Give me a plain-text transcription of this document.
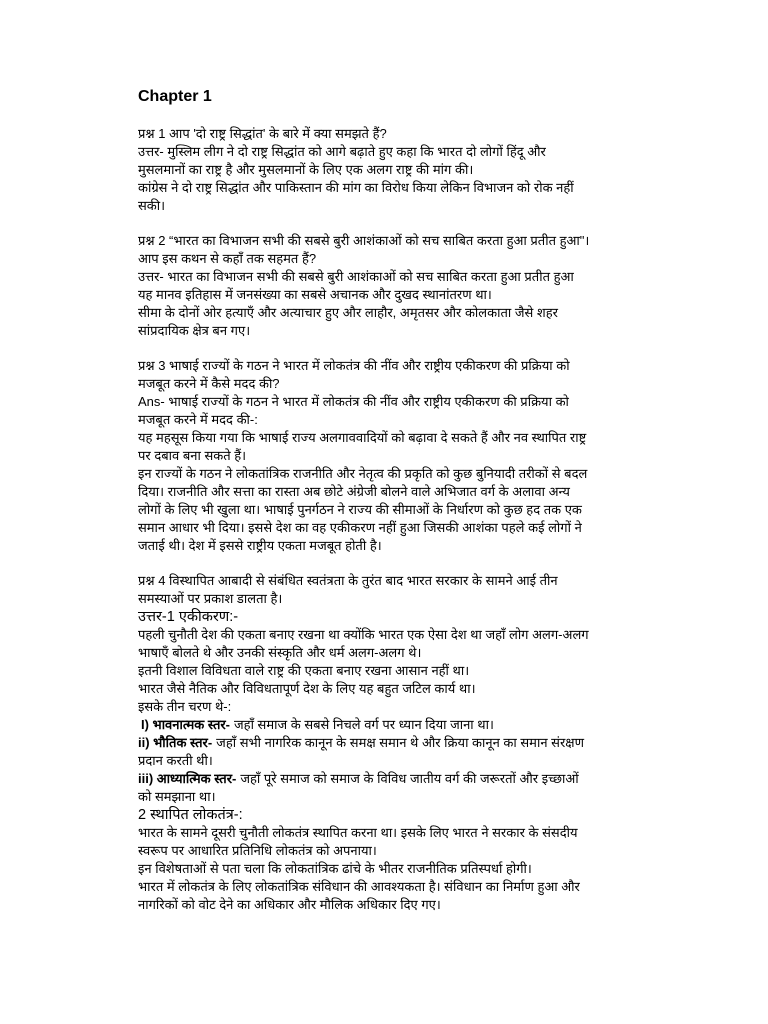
Chapter 1
प्रश्न 1 आप 'दो राष्ट्र सिद्धांत' के बारे में क्या समझते हैं?
उत्तर- मुस्लिम लीग ने दो राष्ट्र सिद्धांत को आगे बढ़ाते हुए कहा कि भारत दो लोगों हिंदू और
मुसलमानों का राष्ट्र है और मुसलमानों के लिए एक अलग राष्ट्र की मांग की।
कांग्रेस ने दो राष्ट्र सिद्धांत और पाकिस्तान की मांग का विरोध किया लेकिन विभाजन को रोक नहीं
सकी।
प्रश्न 2 “भारत का विभाजन सभी की सबसे बुरी आशंकाओं को सच साबित करता हुआ प्रतीत हुआ"।
आप इस कथन से कहाँ तक सहमत हैं?
उत्तर- भारत का विभाजन सभी की सबसे बुरी आशंकाओं को सच साबित करता हुआ प्रतीत हुआ
यह मानव इतिहास में जनसंख्या का सबसे अचानक और दुखद स्थानांतरण था।
सीमा के दोनों ओर हत्याएँ और अत्याचार हुए और लाहौर, अमृतसर और कोलकाता जैसे शहर
सांप्रदायिक क्षेत्र बन गए।
प्रश्न 3 भाषाई राज्यों के गठन ने भारत में लोकतंत्र की नींव और राष्ट्रीय एकीकरण की प्रक्रिया को
मजबूत करने में कैसे मदद की?
Ans- भाषाई राज्यों के गठन ने भारत में लोकतंत्र की नींव और राष्ट्रीय एकीकरण की प्रक्रिया को
मजबूत करने में मदद की-:
यह महसूस किया गया कि भाषाई राज्य अलगाववादियों को बढ़ावा दे सकते हैं और नव स्थापित राष्ट्र
पर दबाव बना सकते हैं।
इन राज्यों के गठन ने लोकतांत्रिक राजनीति और नेतृत्व की प्रकृति को कुछ बुनियादी तरीकों से बदल
दिया। राजनीति और सत्ता का रास्ता अब छोटे अंग्रेजी बोलने वाले अभिजात वर्ग के अलावा अन्य
लोगों के लिए भी खुला था। भाषाई पुनर्गठन ने राज्य की सीमाओं के निर्धारण को कुछ हद तक एक
समान आधार भी दिया। इससे देश का वह एकीकरण नहीं हुआ जिसकी आशंका पहले कई लोगों ने
जताई थी। देश में इससे राष्ट्रीय एकता मजबूत होती है।
प्रश्न 4 विस्थापित आबादी से संबंधित स्वतंत्रता के तुरंत बाद भारत सरकार के सामने आई तीन
समस्याओं पर प्रकाश डालता है।
उत्तर-1 एकीकरण:-
पहली चुनौती देश की एकता बनाए रखना था क्योंकि भारत एक ऐसा देश था जहाँ लोग अलग-अलग
भाषाएँ बोलते थे और उनकी संस्कृति और धर्म अलग-अलग थे।
इतनी विशाल विविधता वाले राष्ट्र की एकता बनाए रखना आसान नहीं था।
भारत जैसे नैतिक और विविधतापूर्ण देश के लिए यह बहुत जटिल कार्य था।
इसके तीन चरण थे-:
I) भावनात्मक स्तर- जहाँ समाज के सबसे निचले वर्ग पर ध्यान दिया जाना था।
ii) भौतिक स्तर- जहाँ सभी नागरिक कानून के समक्ष समान थे और क्रिया कानून का समान संरक्षण
प्रदान करती थी।
iii) आध्यात्मिक स्तर- जहाँ पूरे समाज को समाज के विविध जातीय वर्ग की जरूरतों और इच्छाओं
को समझाना था।
2 स्थापित लोकतंत्र-:
भारत के सामने दूसरी चुनौती लोकतंत्र स्थापित करना था। इसके लिए भारत ने सरकार के संसदीय
स्वरूप पर आधारित प्रतिनिधि लोकतंत्र को अपनाया।
इन विशेषताओं से पता चला कि लोकतांत्रिक ढांचे के भीतर राजनीतिक प्रतिस्पर्धा होगी।
भारत में लोकतंत्र के लिए लोकतांत्रिक संविधान की आवश्यकता है। संविधान का निर्माण हुआ और
नागरिकों को वोट देने का अधिकार और मौलिक अधिकार दिए गए।
